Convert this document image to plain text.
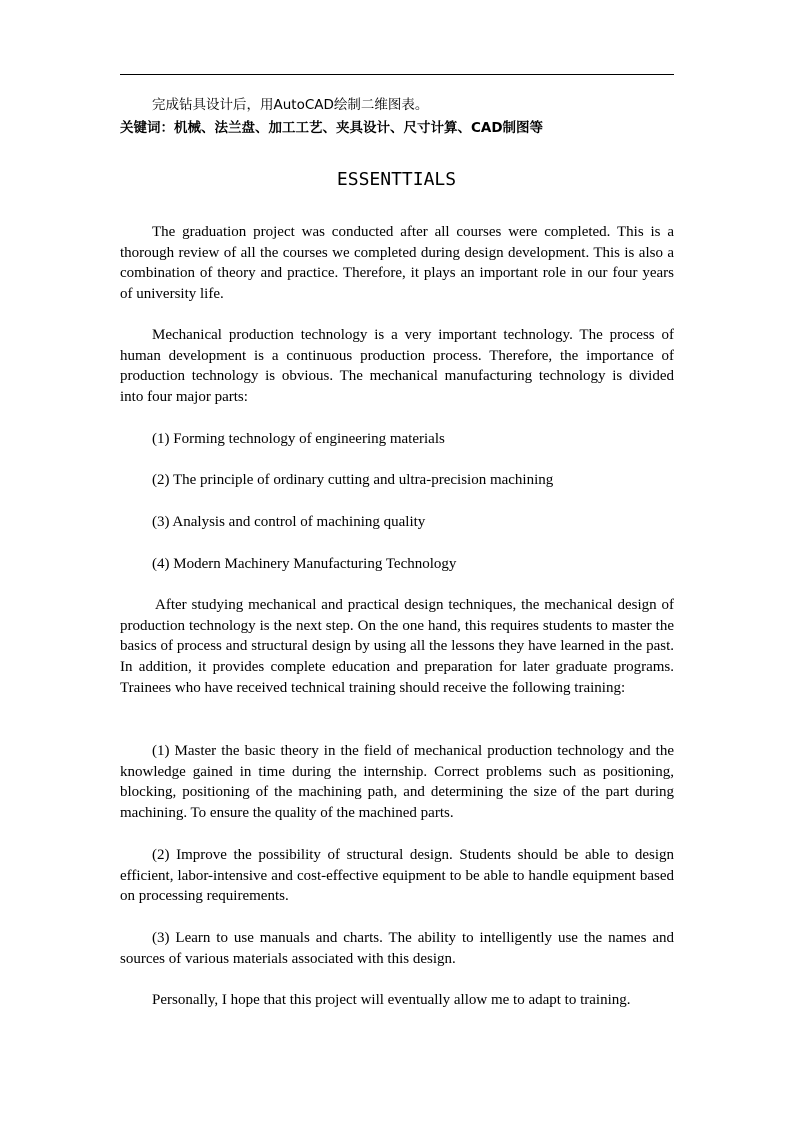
完成钻具设计后，用AutoCAD绘制二维图表。
关键词：机械、法兰盘、加工工艺、夹具设计、尺寸计算、CAD制图等
ESSENTTIALS

The graduation project was conducted after all courses were completed. This is a thorough review of all the courses we completed during design development. This is also a combination of theory and practice. Therefore, it plays an important role in our four years of university life.

Mechanical production technology is a very important technology. The process of human development is a continuous production process. Therefore, the importance of production technology is obvious. The mechanical manufacturing technology is divided into four major parts:

(1) Forming technology of engineering materials

(2) The principle of ordinary cutting and ultra-precision machining

(3) Analysis and control of machining quality

(4) Modern Machinery Manufacturing Technology

After studying mechanical and practical design techniques, the mechanical design of production technology is the next step. On the one hand, this requires students to master the basics of process and structural design by using all the lessons they have learned in the past. In addition, it provides complete education and preparation for later graduate programs. Trainees who have received technical training should receive the following training:

(1) Master the basic theory in the field of mechanical production technology and the knowledge gained in time during the internship. Correct problems such as positioning, blocking, positioning of the machining path, and determining the size of the part during machining. To ensure the quality of the machined parts.

(2) Improve the possibility of structural design. Students should be able to design efficient, labor-intensive and cost-effective equipment to be able to handle equipment based on processing requirements.

(3) Learn to use manuals and charts. The ability to intelligently use the names and sources of various materials associated with this design.

Personally, I hope that this project will eventually allow me to adapt to training.
